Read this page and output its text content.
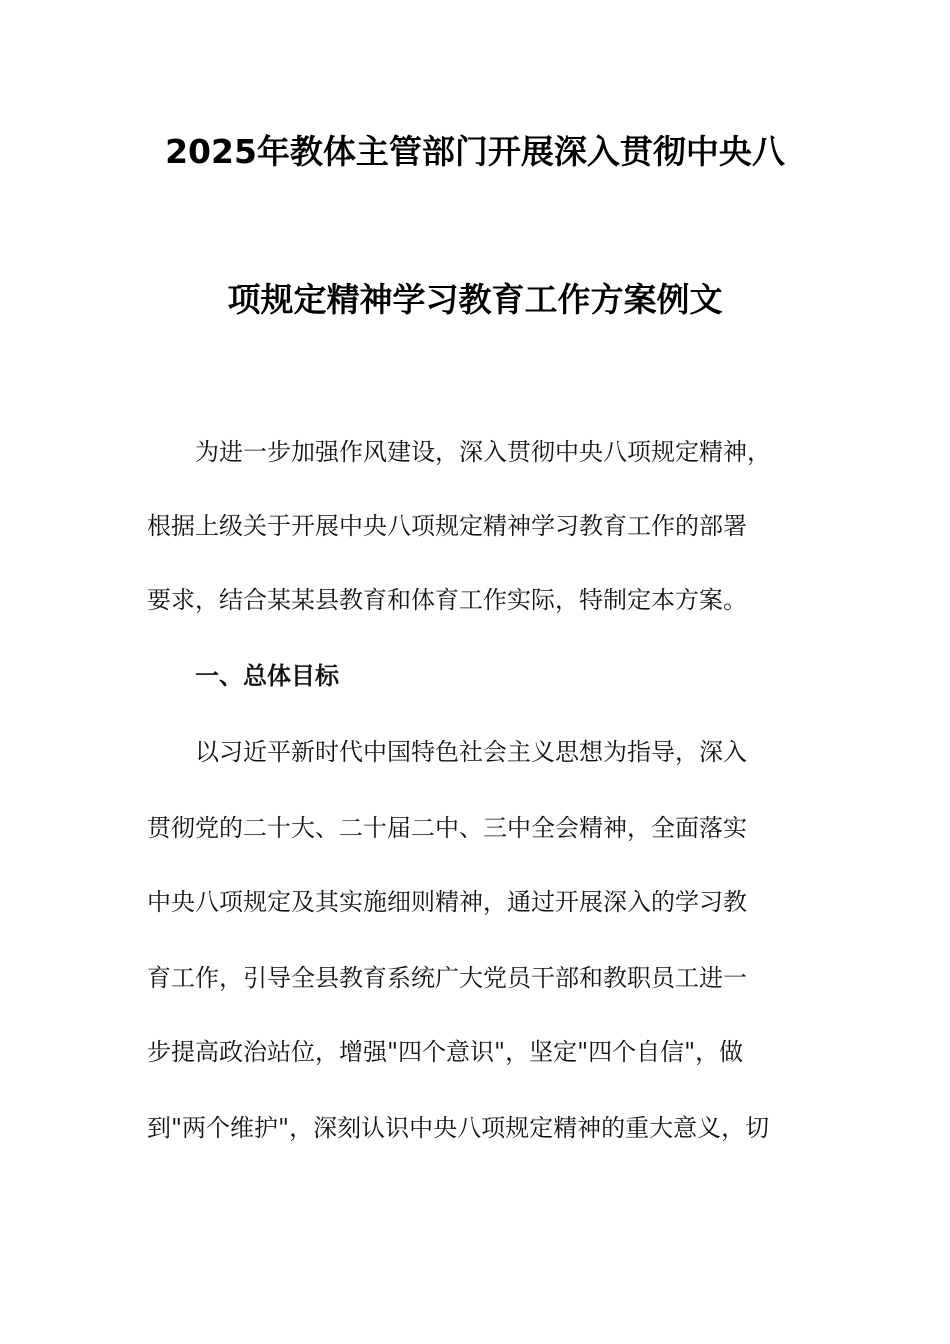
2025年教体主管部门开展深入贯彻中央八
项规定精神学习教育工作方案例文
为进一步加强作风建设，深入贯彻中央八项规定精神，
根据上级关于开展中央八项规定精神学习教育工作的部署
要求，结合某某县教育和体育工作实际，特制定本方案。
一、总体目标
以习近平新时代中国特色社会主义思想为指导，深入
贯彻党的二十大、二十届二中、三中全会精神，全面落实
中央八项规定及其实施细则精神，通过开展深入的学习教
育工作，引导全县教育系统广大党员干部和教职员工进一
步提高政治站位，增强"四个意识"，坚定"四个自信"，做
到"两个维护"，深刻认识中央八项规定精神的重大意义，切
